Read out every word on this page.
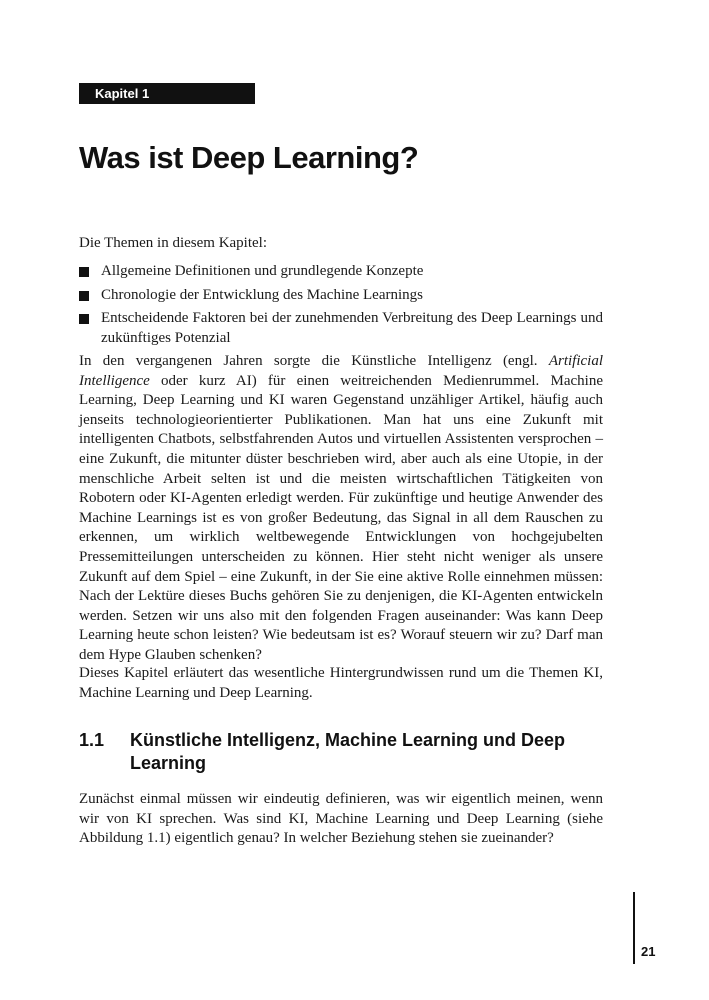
Kapitel 1
Was ist Deep Learning?

Die Themen in diesem Kapitel:

Allgemeine Definitionen und grundlegende Konzepte
Chronologie der Entwicklung des Machine Learnings
Entscheidende Faktoren bei der zunehmenden Verbreitung des Deep Learnings und zukünftiges Potenzial

In den vergangenen Jahren sorgte die Künstliche Intelligenz (engl. Artificial Intelligence oder kurz AI) für einen weitreichenden Medienrummel. Machine Learning, Deep Learning und KI waren Gegenstand unzähliger Artikel, häufig auch jenseits technologieorientierter Publikationen. Man hat uns eine Zukunft mit intelligenten Chatbots, selbstfahrenden Autos und virtuellen Assistenten versprochen – eine Zukunft, die mitunter düster beschrieben wird, aber auch als eine Utopie, in der menschliche Arbeit selten ist und die meisten wirtschaftlichen Tätigkeiten von Robotern oder KI-Agenten erledigt werden. Für zukünftige und heutige Anwender des Machine Learnings ist es von großer Bedeutung, das Signal in all dem Rauschen zu erkennen, um wirklich weltbewegende Entwicklungen von hochgejubelten Pressemitteilungen unterscheiden zu können. Hier steht nicht weniger als unsere Zukunft auf dem Spiel – eine Zukunft, in der Sie eine aktive Rolle einnehmen müssen: Nach der Lektüre dieses Buchs gehören Sie zu denjenigen, die KI-Agenten entwickeln werden. Setzen wir uns also mit den folgenden Fragen auseinander: Was kann Deep Learning heute schon leisten? Wie bedeutsam ist es? Worauf steuern wir zu? Darf man dem Hype Glauben schenken?

Dieses Kapitel erläutert das wesentliche Hintergrundwissen rund um die Themen KI, Machine Learning und Deep Learning.

1.1 Künstliche Intelligenz, Machine Learning und Deep Learning

Zunächst einmal müssen wir eindeutig definieren, was wir eigentlich meinen, wenn wir von KI sprechen. Was sind KI, Machine Learning und Deep Learning (siehe Abbildung 1.1) eigentlich genau? In welcher Beziehung stehen sie zueinander?

21
